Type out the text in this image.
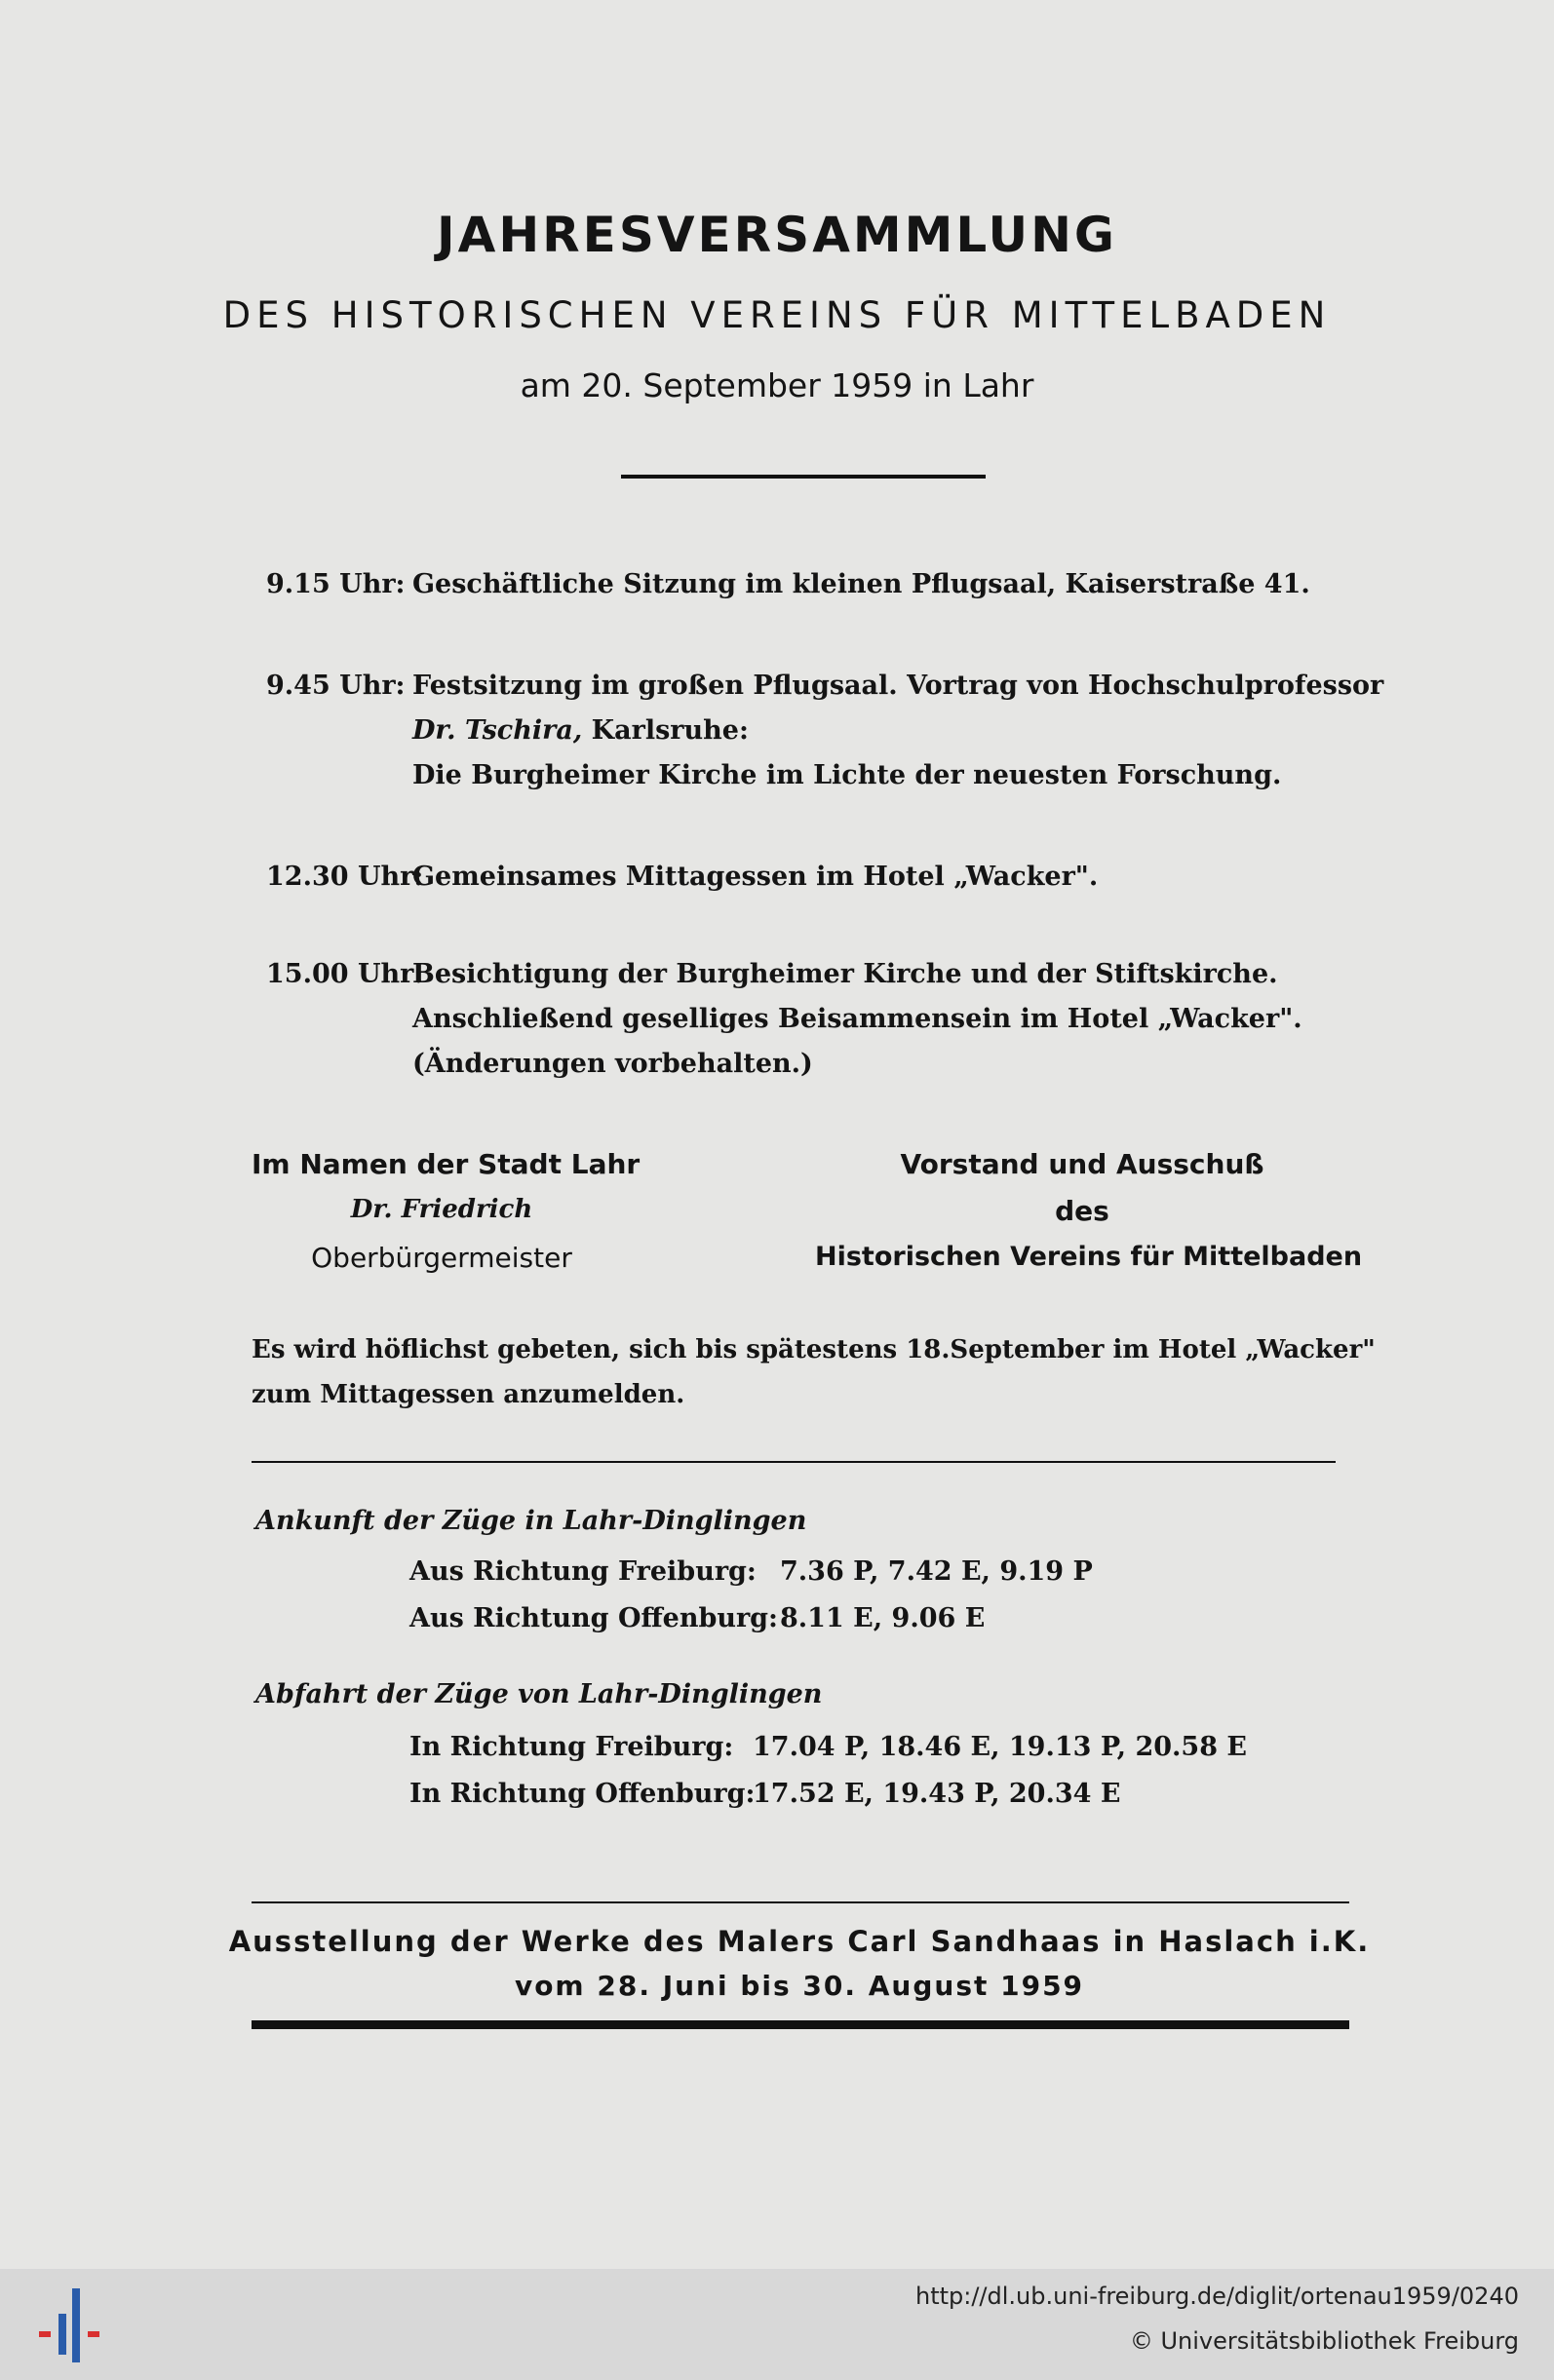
JAHRESVERSAMMLUNG
DES HISTORISCHEN VEREINS FÜR MITTELBADEN
am 20. September 1959 in Lahr
9.15 Uhr: Geschäftliche Sitzung im kleinen Pflugsaal, Kaiserstraße 41.
9.45 Uhr: Festsitzung im großen Pflugsaal. Vortrag von Hochschulprofessor
Dr. Tschira, Karlsruhe:
Die Burgheimer Kirche im Lichte der neuesten Forschung.
12.30 Uhr:
Gemeinsames Mittagessen im Hotel „Wacker".
15.00 Uhr:
Besichtigung der Burgheimer Kirche und der Stiftskirche.
Anschließend geselliges Beisammensein im Hotel „Wacker".
(Änderungen vorbehalten.)
Im Namen der Stadt Lahr
Dr. Friedrich
Oberbürgermeister
Vorstand und Ausschuß
des
Historischen Vereins für Mittelbaden
Es wird höflichst gebeten, sich bis spätestens 18.September im Hotel „Wacker"
zum Mittagessen anzumelden.
Ankunft der Züge in Lahr-Dinglingen
Aus Richtung Freiburg: 7.36 P, 7.42 E, 9.19 P
Aus Richtung Offenburg: 8.11 E, 9.06 E
Abfahrt der Züge von Lahr-Dinglingen
In Richtung Freiburg: 17.04 P, 18.46 E, 19.13 P, 20.58 E
In Richtung Offenburg:
17.52 E, 19.43 P, 20.34 E
Ausstellung der Werke des Malers Carl Sandhaas in Haslach i.K.
vom 28. Juni bis 30. August 1959
http://dl.ub.uni-freiburg.de/diglit/ortenau1959/0240
© Universitätsbibliothek Freiburg
